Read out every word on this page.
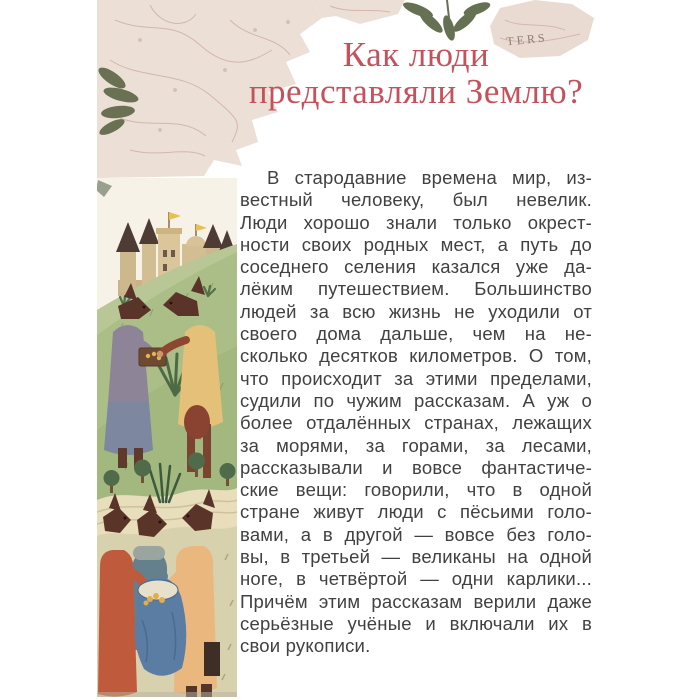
TERS
Как люди представляли Землю?
В стародавние времена мир, из-
вестный человеку, был невелик.
Люди хорошо знали только окрест-
ности своих родных мест, а путь до
соседнего селения казался уже да-
лёким путешествием. Большинство
людей за всю жизнь не уходили от
своего дома дальше, чем на не-
сколько десятков километров. О том,
что происходит за этими пределами,
судили по чужим рассказам. А уж о
более отдалённых странах, лежащих
за морями, за горами, за лесами,
рассказывали и вовсе фантастиче-
ские вещи: говорили, что в одной
стране живут люди с пёсьими голо-
вами, а в другой — вовсе без голо-
вы, в третьей — великаны на одной
ноге, в четвёртой — одни карлики...
Причём этим рассказам верили даже
серьёзные учёные и включали их в
свои рукописи.
